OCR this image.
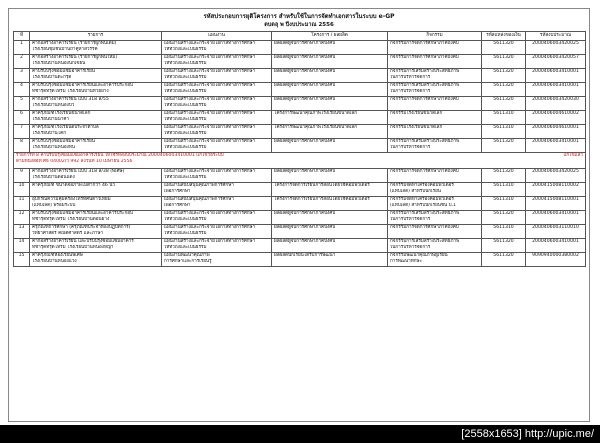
รหัสประกอบการยุติโครงการ สำหรับใช้ในการจัดทำเอกสารในระบบ e-GP
ตบตลุ พ ปีงบประมาณ 2556
ที่	รายการ	แผนงาน	โครงการ / ผลผลิต	กิจกรรม	รหัสแหล่งของเงิน	รหัสงบประมาณ
1	ค่าก่อสร้างอาคารเรียน (รายการผูกพันเดิม)
โรงเรียนชุมชนบ้านถ้ำคูหาสวรรค์	แผนงานสร้างและกระจายโอกาสทางการศึกษา
ให้ทั่วถึงและเป็นธรรม	ผลผลิตผู้จบการศึกษาภาคบังคับ	กิจกรรมการจัดการศึกษาภาคบังคับ	5611320	2000406003420025
2	ค่าก่อสร้างอาคารเรียน (รายการผูกพันใหม่)
โรงเรียนบ้านหนองนกเขียน	แผนงานสร้างและกระจายโอกาสทางการศึกษา
ให้ทั่วถึงและเป็นธรรม	ผลผลิตผู้จบการศึกษาภาคบังคับ	กิจกรรมการจัดการศึกษาภาคบังคับ	5611320	2000406003420057
3	ค่าปรับปรุงซ่อมแซมอาคารเรียน
โรงเรียนบ้านตะกรุด	แผนงานสร้างและกระจายโอกาสทางการศึกษา
ให้ทั่วถึงและเป็นธรรม	ผลผลิตผู้จบการศึกษาภาคบังคับ	กิจกรรมการเสริมสร้างประสิทธิภาพ
ในการบริหารจัดการ	5611320	2000406003410001
4	ค่าปรับปรุงซ่อมแซมอาคารเรียนและอาคารประกอบ
ที่ชำรุดทรุดโทรม โรงเรียนบ้านห้วยยาง	แผนงานสร้างและกระจายโอกาสทางการศึกษา
ให้ทั่วถึงและเป็นธรรม	ผลผลิตผู้จบการศึกษาภาคบังคับ	กิจกรรมการเสริมสร้างประสิทธิภาพ
ในการบริหารจัดการ	5611320	2000406003410001
5	ค่าก่อสร้างอาคารเรียน แบบ 318 ล/55
โรงเรียนบ้านหนองบัว	แผนงานสร้างและกระจายโอกาสทางการศึกษา
ให้ทั่วถึงและเป็นธรรม	ผลผลิตผู้จบการศึกษาภาคบังคับ	กิจกรรมการจัดการศึกษาภาคบังคับ	5611320	2000406003420030
6	ค่าครุภัณฑ์โรงเรียนขนาดเล็ก
โรงเรียนบ้านนาคำ	แผนงานสร้างและกระจายโอกาสทางการศึกษา
ให้ทั่วถึงและเป็นธรรม	โครงการพัฒนาคุณภาพโรงเรียนขนาดเล็ก	กิจกรรมโรงเรียนขนาดเล็ก	5611310	2000406004610002
7	ค่าครุภัณฑ์โรงเรียนดีประจำตำบล
โรงเรียนบ้านโคก	แผนงานสร้างและกระจายโอกาสทางการศึกษา
ให้ทั่วถึงและเป็นธรรม	โครงการพัฒนาคุณภาพโรงเรียนขนาดเล็ก	กิจกรรมโรงเรียนขนาดเล็ก	5611310	2000406004610001
8	ค่าปรับปรุงซ่อมแซมอาคารเรียน
โรงเรียนบ้านหนองหิน	แผนงานสร้างและกระจายโอกาสทางการศึกษา
ให้ทั่วถึงและเป็นธรรม	ผลผลิตผู้จบการศึกษาภาคบังคับ	กิจกรรมการเสริมสร้างประสิทธิภาพ
ในการบริหารจัดการ	5611320	2000406003410001

แก้ไขแล้ว
รายการที่ 8 ค่าปรับปรุงซ่อมแซมอาคารเรียน ให้ใช้รหัสงบประมาณ 2000406003410001 แก้ไขวิธีระบบ
ตามหนังสือที่ ศธ 04002/ว 992 ลงวันที่ 10 เมษายน 2556						

9	ค่าก่อสร้างอาคารเรียน แบบ 318 ล/38 (พิเศษ)
โรงเรียนบ้านดอนแดง	แผนงานสร้างและกระจายโอกาสทางการศึกษา
ให้ทั่วถึงและเป็นธรรม	ผลผลิตผู้จบการศึกษาภาคบังคับ	กิจกรรมการจัดการศึกษาภาคบังคับ	5611320	2000406003420025
10	ค่าครุภัณฑ์ ขนาดจอภาพไม่ต่ำกว่า 46 นิ้ว	แผนงานสนับสนุนคุณภาพการศึกษา
เพื่อการศึกษา	โครงการจัดการเรียนการสอนโดยใช้คอมพิวเตอร์	กิจกรรมจัดหาเครื่องคอมพิวเตอร์
(แท็บเล็ต) สำหรับนักเรียน	5611310	2000415008110002
11	อุปกรณ์ความคุ้มครองโทรทัศน์ดาวเทียม
(แท็บเล็ต) พร้อมระบบ	แผนงานสนับสนุนคุณภาพการศึกษา
เพื่อการศึกษา	โครงการจัดการเรียนการสอนโดยใช้คอมพิวเตอร์	กิจกรรมจัดหาเครื่องคอมพิวเตอร์
(แท็บเล็ต) สำหรับนักเรียนชั้น ป.1	5611310	2000415008110001
12	ค่าปรับปรุงซ่อมแซมอาคารเรียนและอาคารประกอบ
ที่ชำรุดทรุดโทรม โรงเรียนบ้านดอนยาง	แผนงานสร้างและกระจายโอกาสทางการศึกษา
ให้ทั่วถึงและเป็นธรรม	ผลผลิตผู้จบการศึกษาภาคบังคับ	กิจกรรมการเสริมสร้างประสิทธิภาพ
ในการบริหารจัดการ	5611320	2000406003410001
13	ครุภัณฑ์การศึกษา (ครุภัณฑ์ประจำห้องปฏิบัติการ)
วิทยาศาสตร์ คณิตศาสตร์ และภาษา	แผนงานสร้างและกระจายโอกาสทางการศึกษา
ให้ทั่วถึงและเป็นธรรม	ผลผลิตผู้จบการศึกษาภาคบังคับ	กิจกรรมการจัดการศึกษาภาคบังคับ	5611310	2000406003110010
14	ค่าก่อสร้างอาคารเรียน และปรับปรุงซ่อมแซมอาคาร
ที่ชำรุดทรุดโทรม โรงเรียนบ้านหนองหญ้า	แผนงานสร้างและกระจายโอกาสทางการศึกษา
ให้ทั่วถึงและเป็นธรรม	ผลผลิตผู้จบการศึกษาภาคบังคับ	กิจกรรมการเสริมสร้างประสิทธิภาพ
ในการบริหารจัดการ	5611320	2000406003410001
15	ค่าครุภัณฑ์ห้องเรียนพิเศษ
โรงเรียนบ้านหนองแวง	แผนงานพัฒนาคุณภาพ
การศึกษาและการเรียนรู้	ผลผลิตนักเรียนได้รับการพัฒนา	กิจกรรมพัฒนาคุณภาพผู้เรียน
การพัฒนาทักษะ	5611320	9090940000380002
[2558x1653] http://upic.me/
